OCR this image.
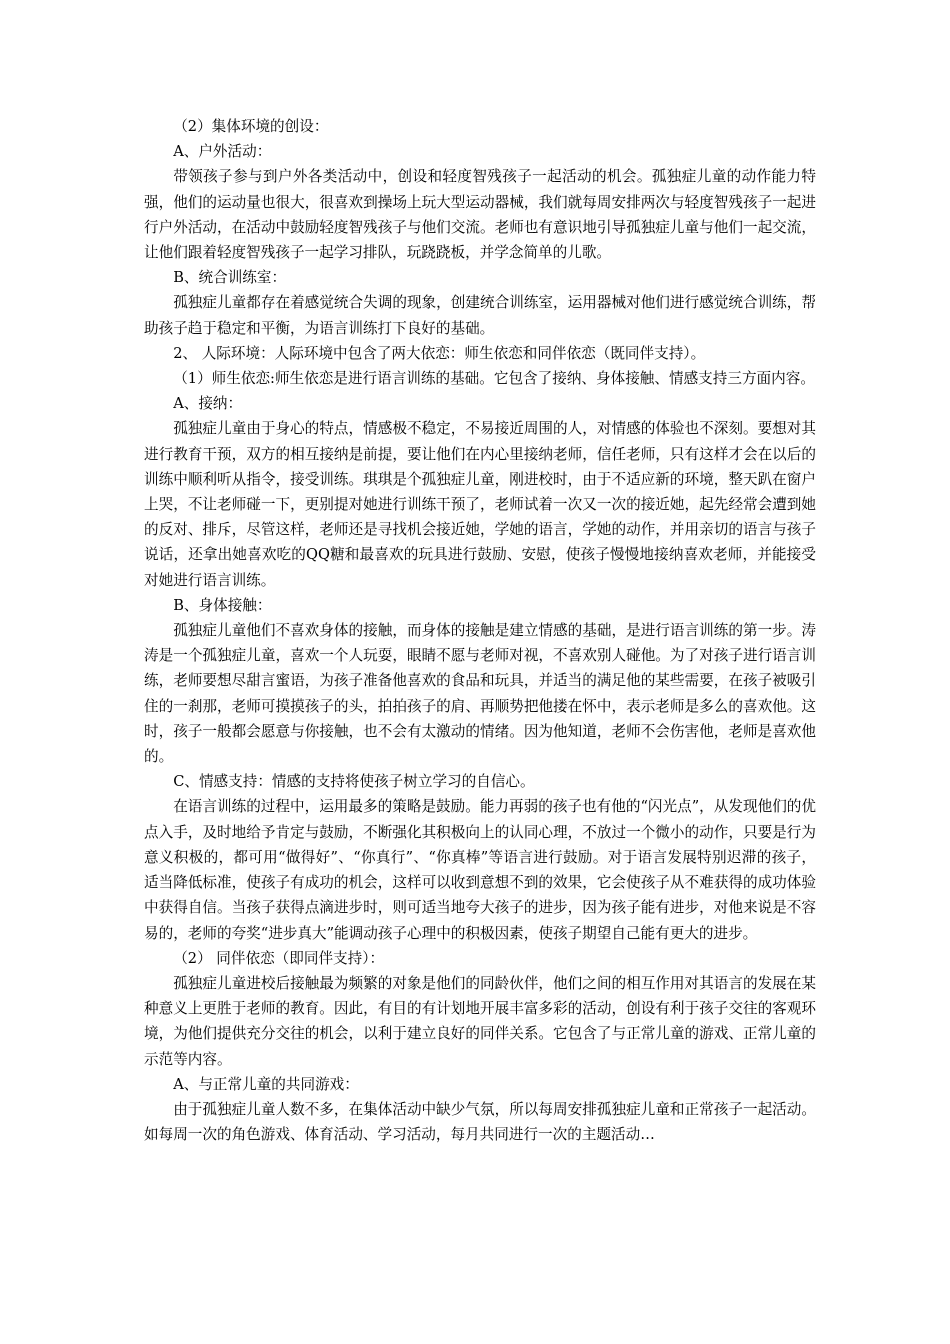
（2）集体环境的创设：

A、户外活动：

带领孩子参与到户外各类活动中，创设和轻度智残孩子一起活动的机会。孤独症儿童的动作能力特强，他们的运动量也很大，很喜欢到操场上玩大型运动器械，我们就每周安排两次与轻度智残孩子一起进行户外活动，在活动中鼓励轻度智残孩子与他们交流。老师也有意识地引导孤独症儿童与他们一起交流，让他们跟着轻度智残孩子一起学习排队，玩跷跷板，并学念简单的儿歌。

B、统合训练室：

孤独症儿童都存在着感觉统合失调的现象，创建统合训练室，运用器械对他们进行感觉统合训练，帮助孩子趋于稳定和平衡，为语言训练打下良好的基础。

2、 人际环境：人际环境中包含了两大依恋：师生依恋和同伴依恋（既同伴支持）。

（1）师生依恋:师生依恋是进行语言训练的基础。它包含了接纳、身体接触、情感支持三方面内容。

A、接纳：

孤独症儿童由于身心的特点，情感极不稳定，不易接近周围的人，对情感的体验也不深刻。要想对其进行教育干预，双方的相互接纳是前提，要让他们在内心里接纳老师，信任老师，只有这样才会在以后的训练中顺利听从指令，接受训练。琪琪是个孤独症儿童，刚进校时，由于不适应新的环境，整天趴在窗户上哭，不让老师碰一下，更别提对她进行训练干预了，老师试着一次又一次的接近她，起先经常会遭到她的反对、排斥，尽管这样，老师还是寻找机会接近她，学她的语言，学她的动作，并用亲切的语言与孩子说话，还拿出她喜欢吃的QQ糖和最喜欢的玩具进行鼓励、安慰，使孩子慢慢地接纳喜欢老师，并能接受对她进行语言训练。

B、身体接触：

孤独症儿童他们不喜欢身体的接触，而身体的接触是建立情感的基础，是进行语言训练的第一步。涛涛是一个孤独症儿童，喜欢一个人玩耍，眼睛不愿与老师对视，不喜欢别人碰他。为了对孩子进行语言训练，老师要想尽甜言蜜语，为孩子准备他喜欢的食品和玩具，并适当的满足他的某些需要，在孩子被吸引住的一刹那，老师可摸摸孩子的头，拍拍孩子的肩、再顺势把他搂在怀中，表示老师是多么的喜欢他。这时，孩子一般都会愿意与你接触，也不会有太激动的情绪。因为他知道，老师不会伤害他，老师是喜欢他的。

C、情感支持：情感的支持将使孩子树立学习的自信心。

在语言训练的过程中，运用最多的策略是鼓励。能力再弱的孩子也有他的“闪光点”，从发现他们的优点入手，及时地给予肯定与鼓励，不断强化其积极向上的认同心理，不放过一个微小的动作，只要是行为意义积极的，都可用“做得好”、“你真行”、“你真棒”等语言进行鼓励。对于语言发展特别迟滞的孩子，适当降低标准，使孩子有成功的机会，这样可以收到意想不到的效果，它会使孩子从不难获得的成功体验中获得自信。当孩子获得点滴进步时，则可适当地夸大孩子的进步，因为孩子能有进步，对他来说是不容易的，老师的夸奖“进步真大”能调动孩子心理中的积极因素，使孩子期望自己能有更大的进步。

（2） 同伴依恋（即同伴支持）：

孤独症儿童进校后接触最为频繁的对象是他们的同龄伙伴，他们之间的相互作用对其语言的发展在某种意义上更胜于老师的教育。因此，有目的有计划地开展丰富多彩的活动，创设有利于孩子交往的客观环境，为他们提供充分交往的机会，以利于建立良好的同伴关系。它包含了与正常儿童的游戏、正常儿童的示范等内容。

A、与正常儿童的共同游戏：

由于孤独症儿童人数不多，在集体活动中缺少气氛，所以每周安排孤独症儿童和正常孩子一起活动。如每周一次的角色游戏、体育活动、学习活动，每月共同进行一次的主题活动…
